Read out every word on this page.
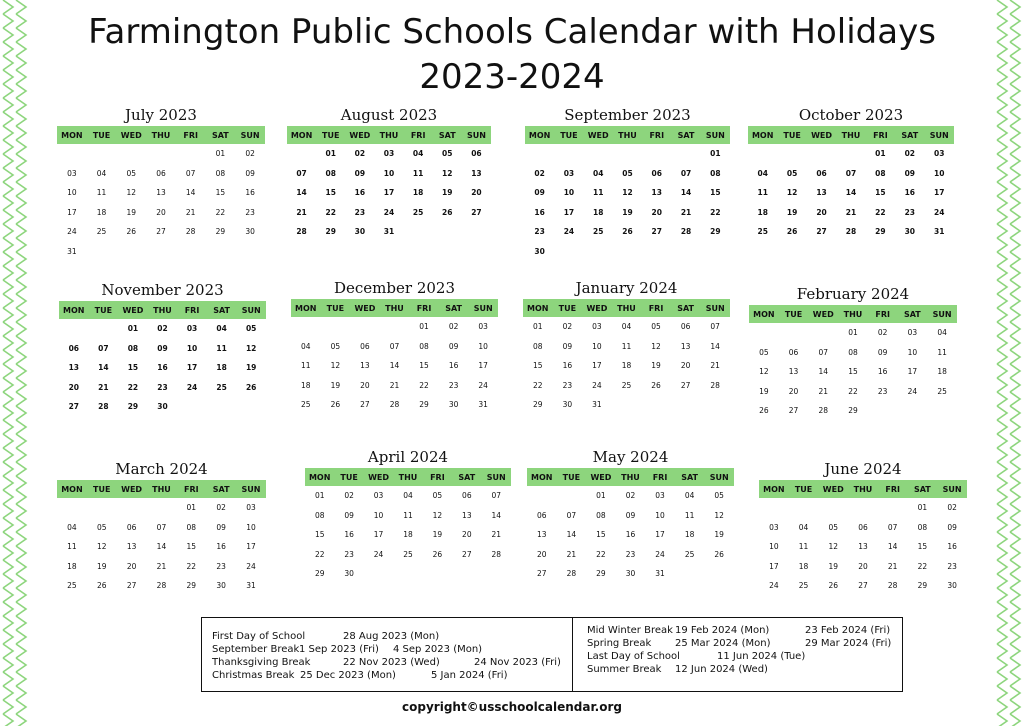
Farmington Public Schools Calendar with Holidays
2023-2024
July 2023
MON	TUE	WED	THU	FRI	SAT	SUN
					01	02
03	04	05	06	07	08	09
10	11	12	13	14	15	16
17	18	19	20	21	22	23
24	25	26	27	28	29	30
31						
August 2023
MON	TUE	WED	THU	FRI	SAT	SUN
	01	02	03	04	05	06
07	08	09	10	11	12	13
14	15	16	17	18	19	20
21	22	23	24	25	26	27
28	29	30	31			
September 2023
MON	TUE	WED	THU	FRI	SAT	SUN
						01
02	03	04	05	06	07	08
09	10	11	12	13	14	15
16	17	18	19	20	21	22
23	24	25	26	27	28	29
30						
October 2023
MON	TUE	WED	THU	FRI	SAT	SUN
				01	02	03
04	05	06	07	08	09	10
11	12	13	14	15	16	17
18	19	20	21	22	23	24
25	26	27	28	29	30	31
November 2023
MON	TUE	WED	THU	FRI	SAT	SUN
		01	02	03	04	05
06	07	08	09	10	11	12
13	14	15	16	17	18	19
20	21	22	23	24	25	26
27	28	29	30			
December 2023
MON	TUE	WED	THU	FRI	SAT	SUN
				01	02	03
04	05	06	07	08	09	10
11	12	13	14	15	16	17
18	19	20	21	22	23	24
25	26	27	28	29	30	31
January 2024
MON	TUE	WED	THU	FRI	SAT	SUN
01	02	03	04	05	06	07
08	09	10	11	12	13	14
15	16	17	18	19	20	21
22	23	24	25	26	27	28
29	30	31				
February 2024
MON	TUE	WED	THU	FRI	SAT	SUN
			01	02	03	04
05	06	07	08	09	10	11
12	13	14	15	16	17	18
19	20	21	22	23	24	25
26	27	28	29			
March 2024
MON	TUE	WED	THU	FRI	SAT	SUN
				01	02	03
04	05	06	07	08	09	10
11	12	13	14	15	16	17
18	19	20	21	22	23	24
25	26	27	28	29	30	31
April 2024
MON	TUE	WED	THU	FRI	SAT	SUN
01	02	03	04	05	06	07
08	09	10	11	12	13	14
15	16	17	18	19	20	21
22	23	24	25	26	27	28
29	30					
May 2024
MON	TUE	WED	THU	FRI	SAT	SUN
		01	02	03	04	05
06	07	08	09	10	11	12
13	14	15	16	17	18	19
20	21	22	23	24	25	26
27	28	29	30	31		
June 2024
MON	TUE	WED	THU	FRI	SAT	SUN
					01	02
03	04	05	06	07	08	09
10	11	12	13	14	15	16
17	18	19	20	21	22	23
24	25	26	27	28	29	30
First Day of School	28 Aug 2023 (Mon)
September Break 1 Sep 2023 (Fri) 4 Sep 2023 (Mon)
Thanksgiving Break	22 Nov 2023 (Wed)	24 Nov 2023 (Fri)
Christmas Break 25 Dec 2023 (Mon)	5 Jan 2024 (Fri)
Mid Winter Break 19 Feb 2024 (Mon)	23 Feb 2024 (Fri)
Spring Break 25 Mar 2024 (Mon)	29 Mar 2024 (Fri)
Last Day of School	11 Jun 2024 (Tue)
Summer Break 12 Jun 2024 (Wed)
copyright©usschoolcalendar.org
